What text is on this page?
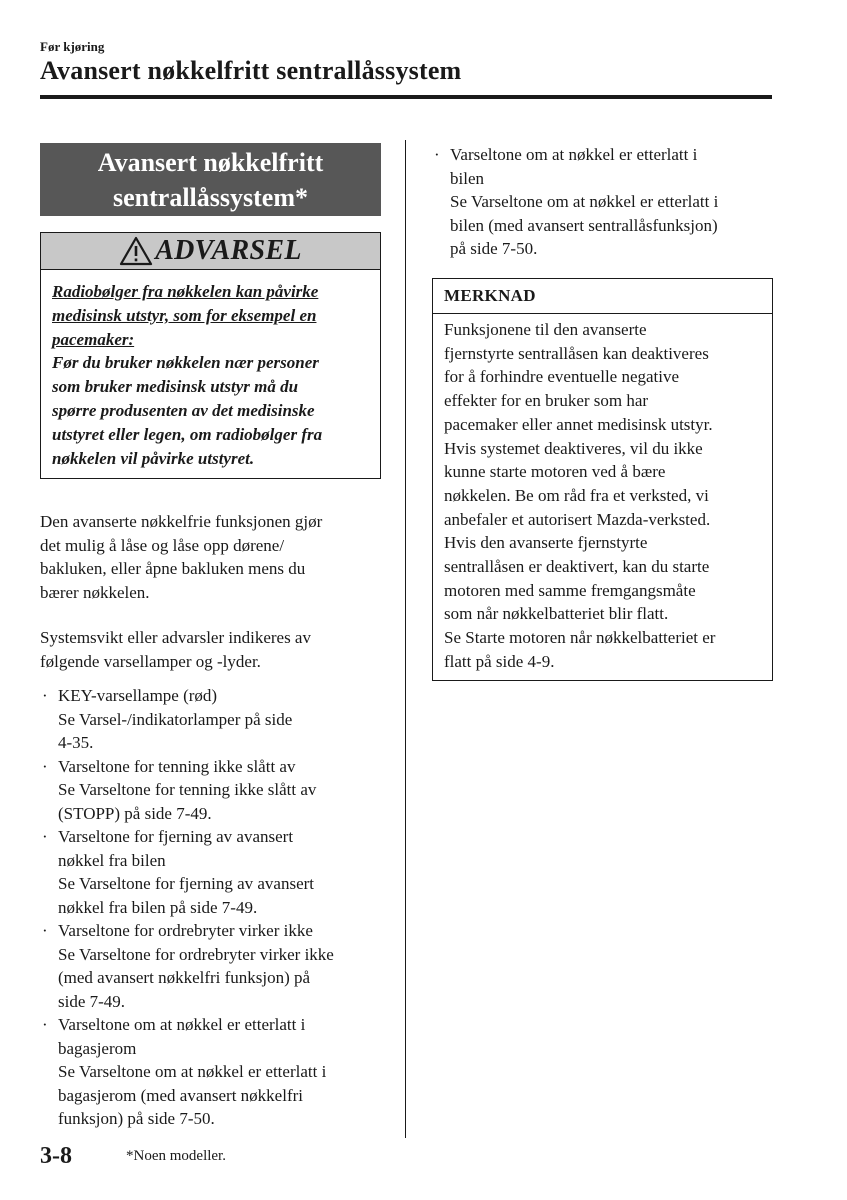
Før kjøring
Avansert nøkkelfritt sentrallåssystem
Avansert nøkkelfritt
sentrallåssystem*
ADVARSEL
Radiobølger fra nøkkelen kan påvirke
medisinsk utstyr, som for eksempel en
pacemaker:
Før du bruker nøkkelen nær personer
som bruker medisinsk utstyr må du
spørre produsenten av det medisinske
utstyret eller legen, om radiobølger fra
nøkkelen vil påvirke utstyret.
Den avanserte nøkkelfrie funksjonen gjør
det mulig å låse og låse opp dørene/
bakluken, eller åpne bakluken mens du
bærer nøkkelen.
Systemsvikt eller advarsler indikeres av
følgende varsellamper og -lyder.
· KEY-varsellampe (rød)
Se Varsel-/indikatorlamper på side
4-35.
· Varseltone for tenning ikke slått av
Se Varseltone for tenning ikke slått av
(STOPP) på side 7-49.
· Varseltone for fjerning av avansert
nøkkel fra bilen
Se Varseltone for fjerning av avansert
nøkkel fra bilen på side 7-49.
· Varseltone for ordrebryter virker ikke
Se Varseltone for ordrebryter virker ikke
(med avansert nøkkelfri funksjon) på
side 7-49.
· Varseltone om at nøkkel er etterlatt i
bagasjerom
Se Varseltone om at nøkkel er etterlatt i
bagasjerom (med avansert nøkkelfri
funksjon) på side 7-50.
· Varseltone om at nøkkel er etterlatt i
bilen
Se Varseltone om at nøkkel er etterlatt i
bilen (med avansert sentrallåsfunksjon)
på side 7-50.
MERKNAD
Funksjonene til den avanserte
fjernstyrte sentrallåsen kan deaktiveres
for å forhindre eventuelle negative
effekter for en bruker som har
pacemaker eller annet medisinsk utstyr.
Hvis systemet deaktiveres, vil du ikke
kunne starte motoren ved å bære
nøkkelen. Be om råd fra et verksted, vi
anbefaler et autorisert Mazda-verksted.
Hvis den avanserte fjernstyrte
sentrallåsen er deaktivert, kan du starte
motoren med samme fremgangsmåte
som når nøkkelbatteriet blir flatt.
Se Starte motoren når nøkkelbatteriet er
flatt på side 4-9.
3-8	*Noen modeller.
